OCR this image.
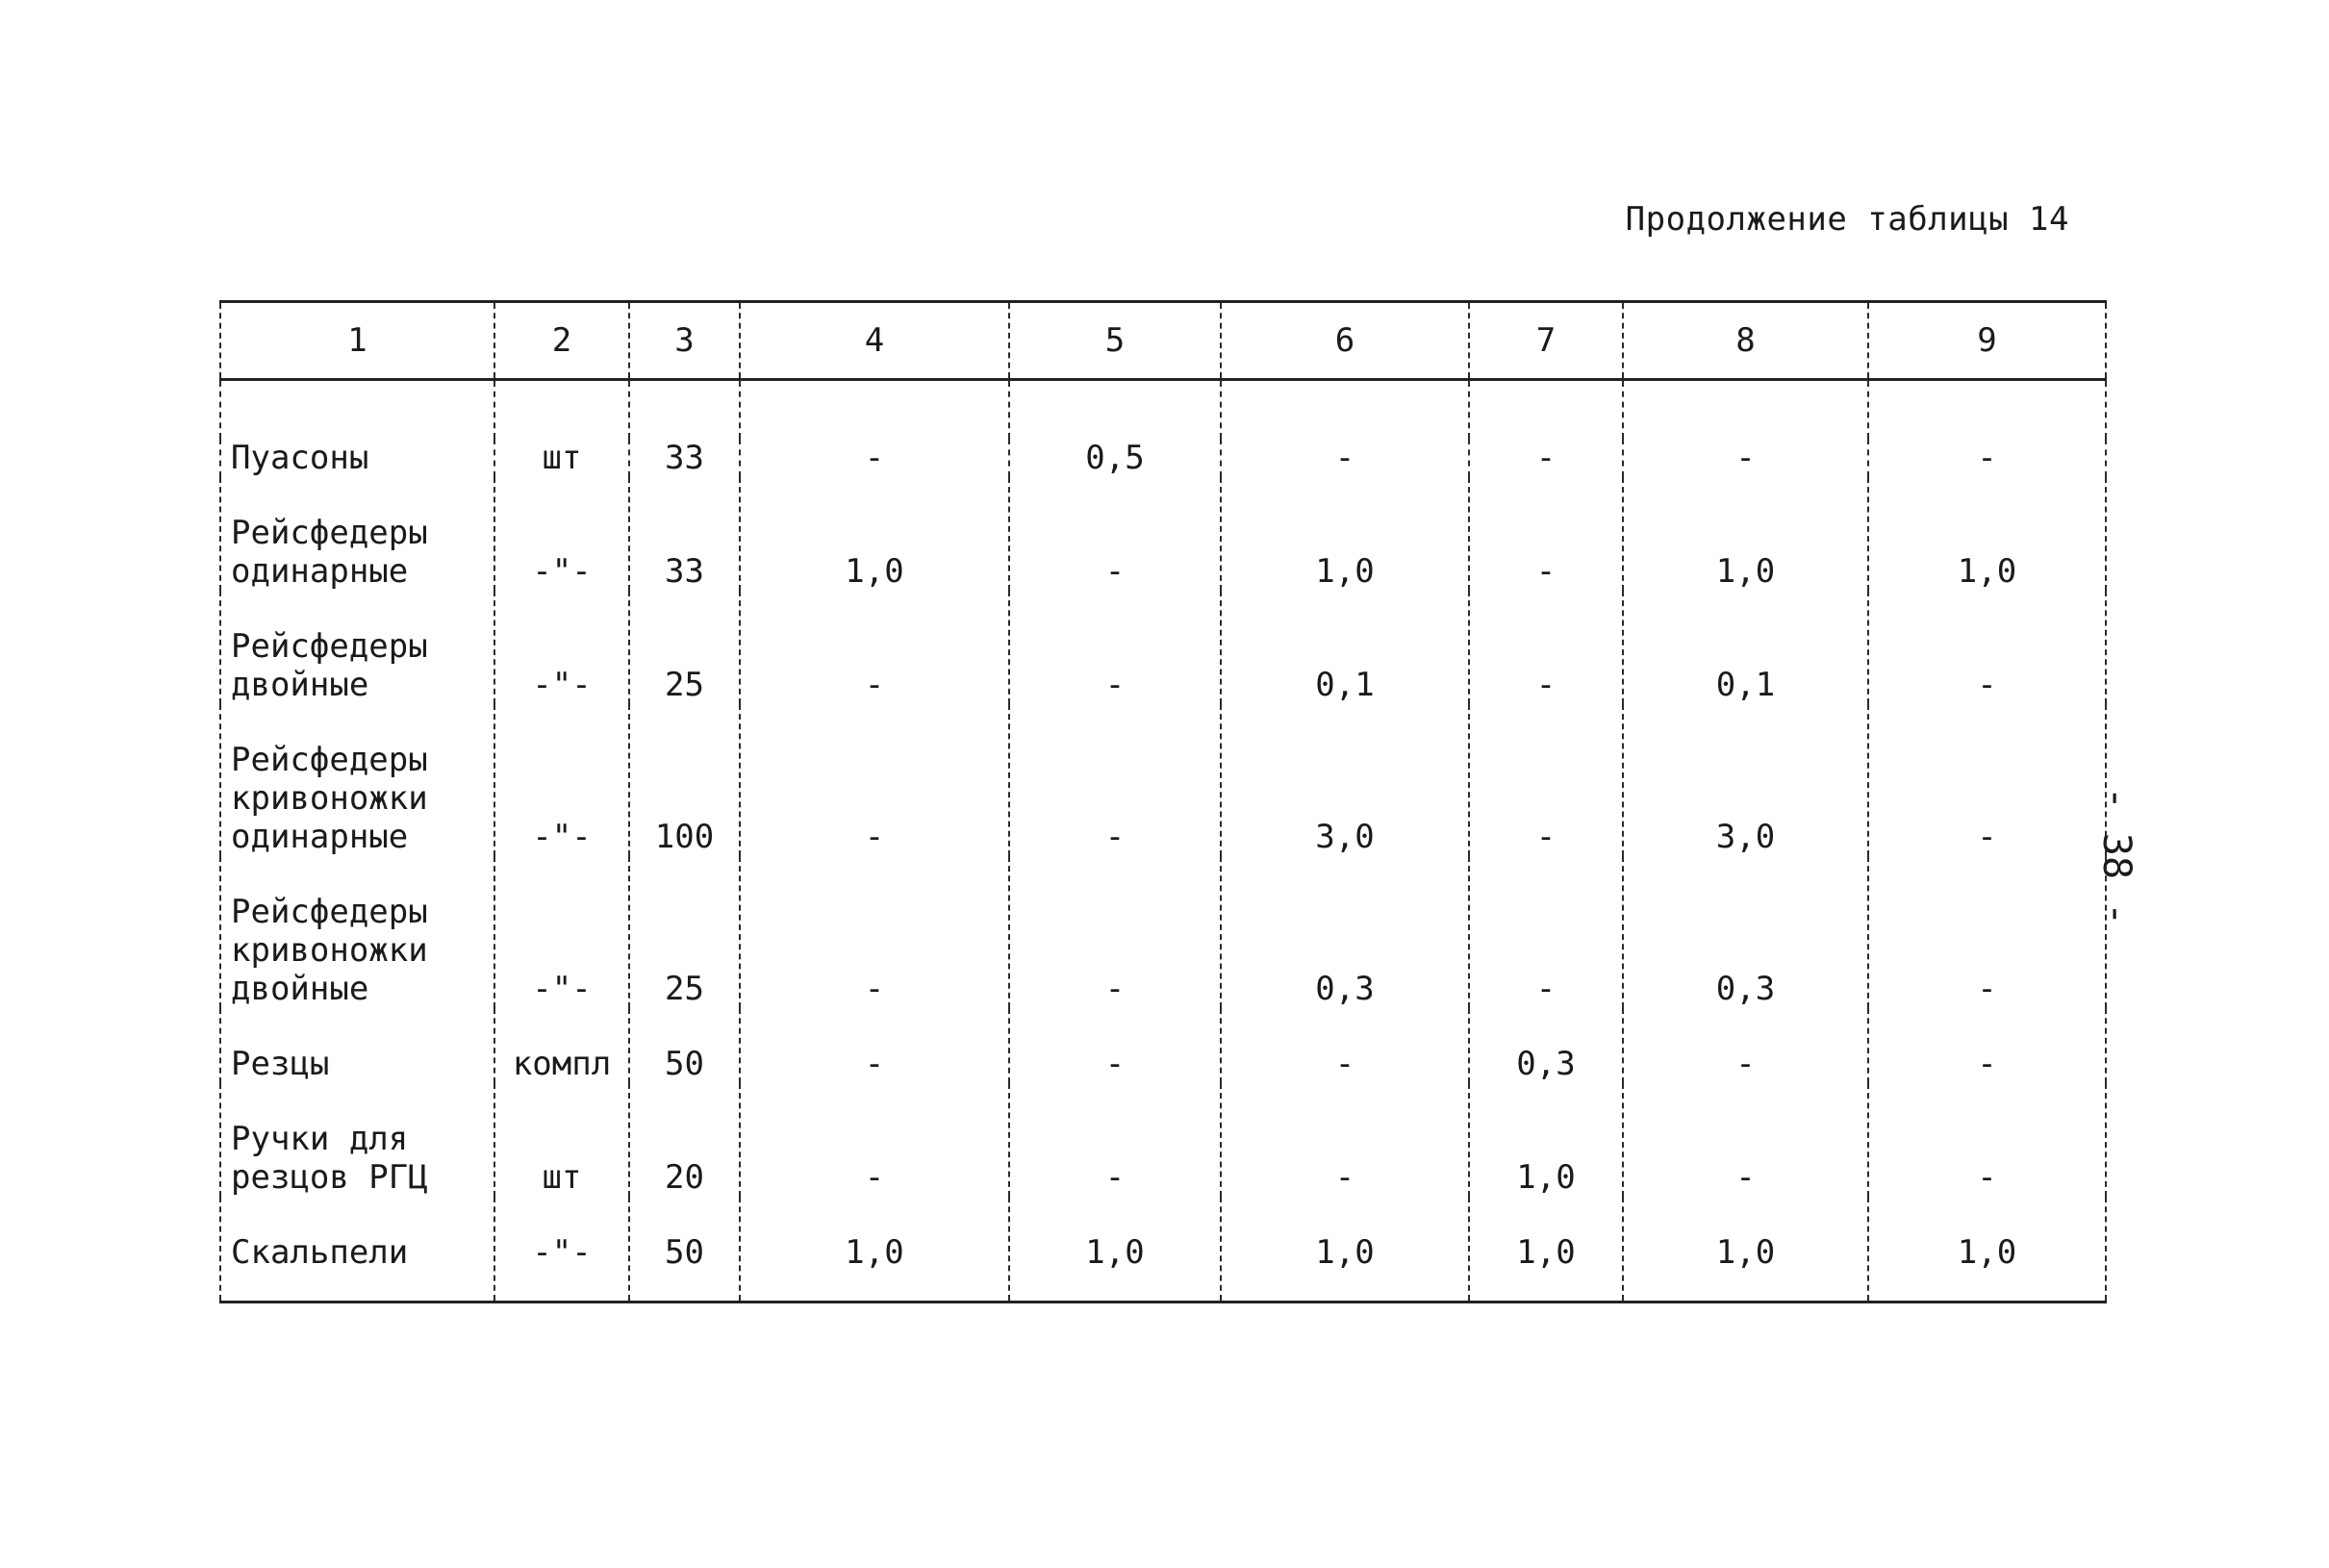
Продолжение таблицы 14
- 38 -
1	2	3	4	5	6	7	8	9

Пуасоны	шт	33	-	0,5	-	-	-	-
Рейсфедеры
одинарные	-"-	33	1,0	-	1,0	-	1,0	1,0
Рейсфедеры
двойные	-"-	25	-	-	0,1	-	0,1	-
Рейсфедеры
кривоножки
одинарные	-"-	100	-	-	3,0	-	3,0	-
Рейсфедеры
кривоножки
двойные	-"-	25	-	-	0,3	-	0,3	-
Резцы	компл	50	-	-	-	0,3	-	-
Ручки для
резцов РГЦ	шт	20	-	-	-	1,0	-	-
Скальпели	-"-	50	1,0	1,0	1,0	1,0	1,0	1,0
